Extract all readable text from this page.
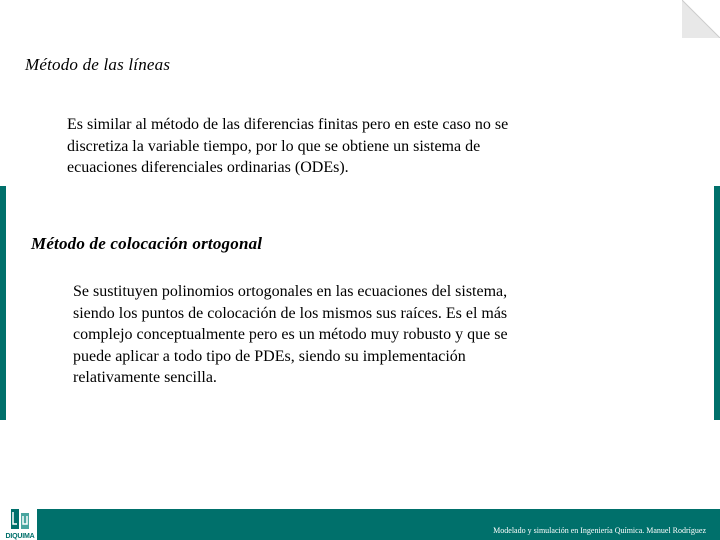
Método de las líneas

Es similar al método de las diferencias finitas pero en este caso no se discretiza la variable tiempo, por lo que se obtiene un sistema de ecuaciones diferenciales ordinarias (ODEs).

Método de colocación ortogonal

Se sustituyen polinomios ortogonales en las ecuaciones del sistema, siendo los puntos de colocación de los mismos sus raíces. Es el más complejo conceptualmente pero es un método muy robusto y que se puede aplicar a todo tipo de PDEs, siendo su implementación relativamente sencilla.

DIQUIMA
Modelado y simulación en Ingeniería Química. Manuel Rodríguez
